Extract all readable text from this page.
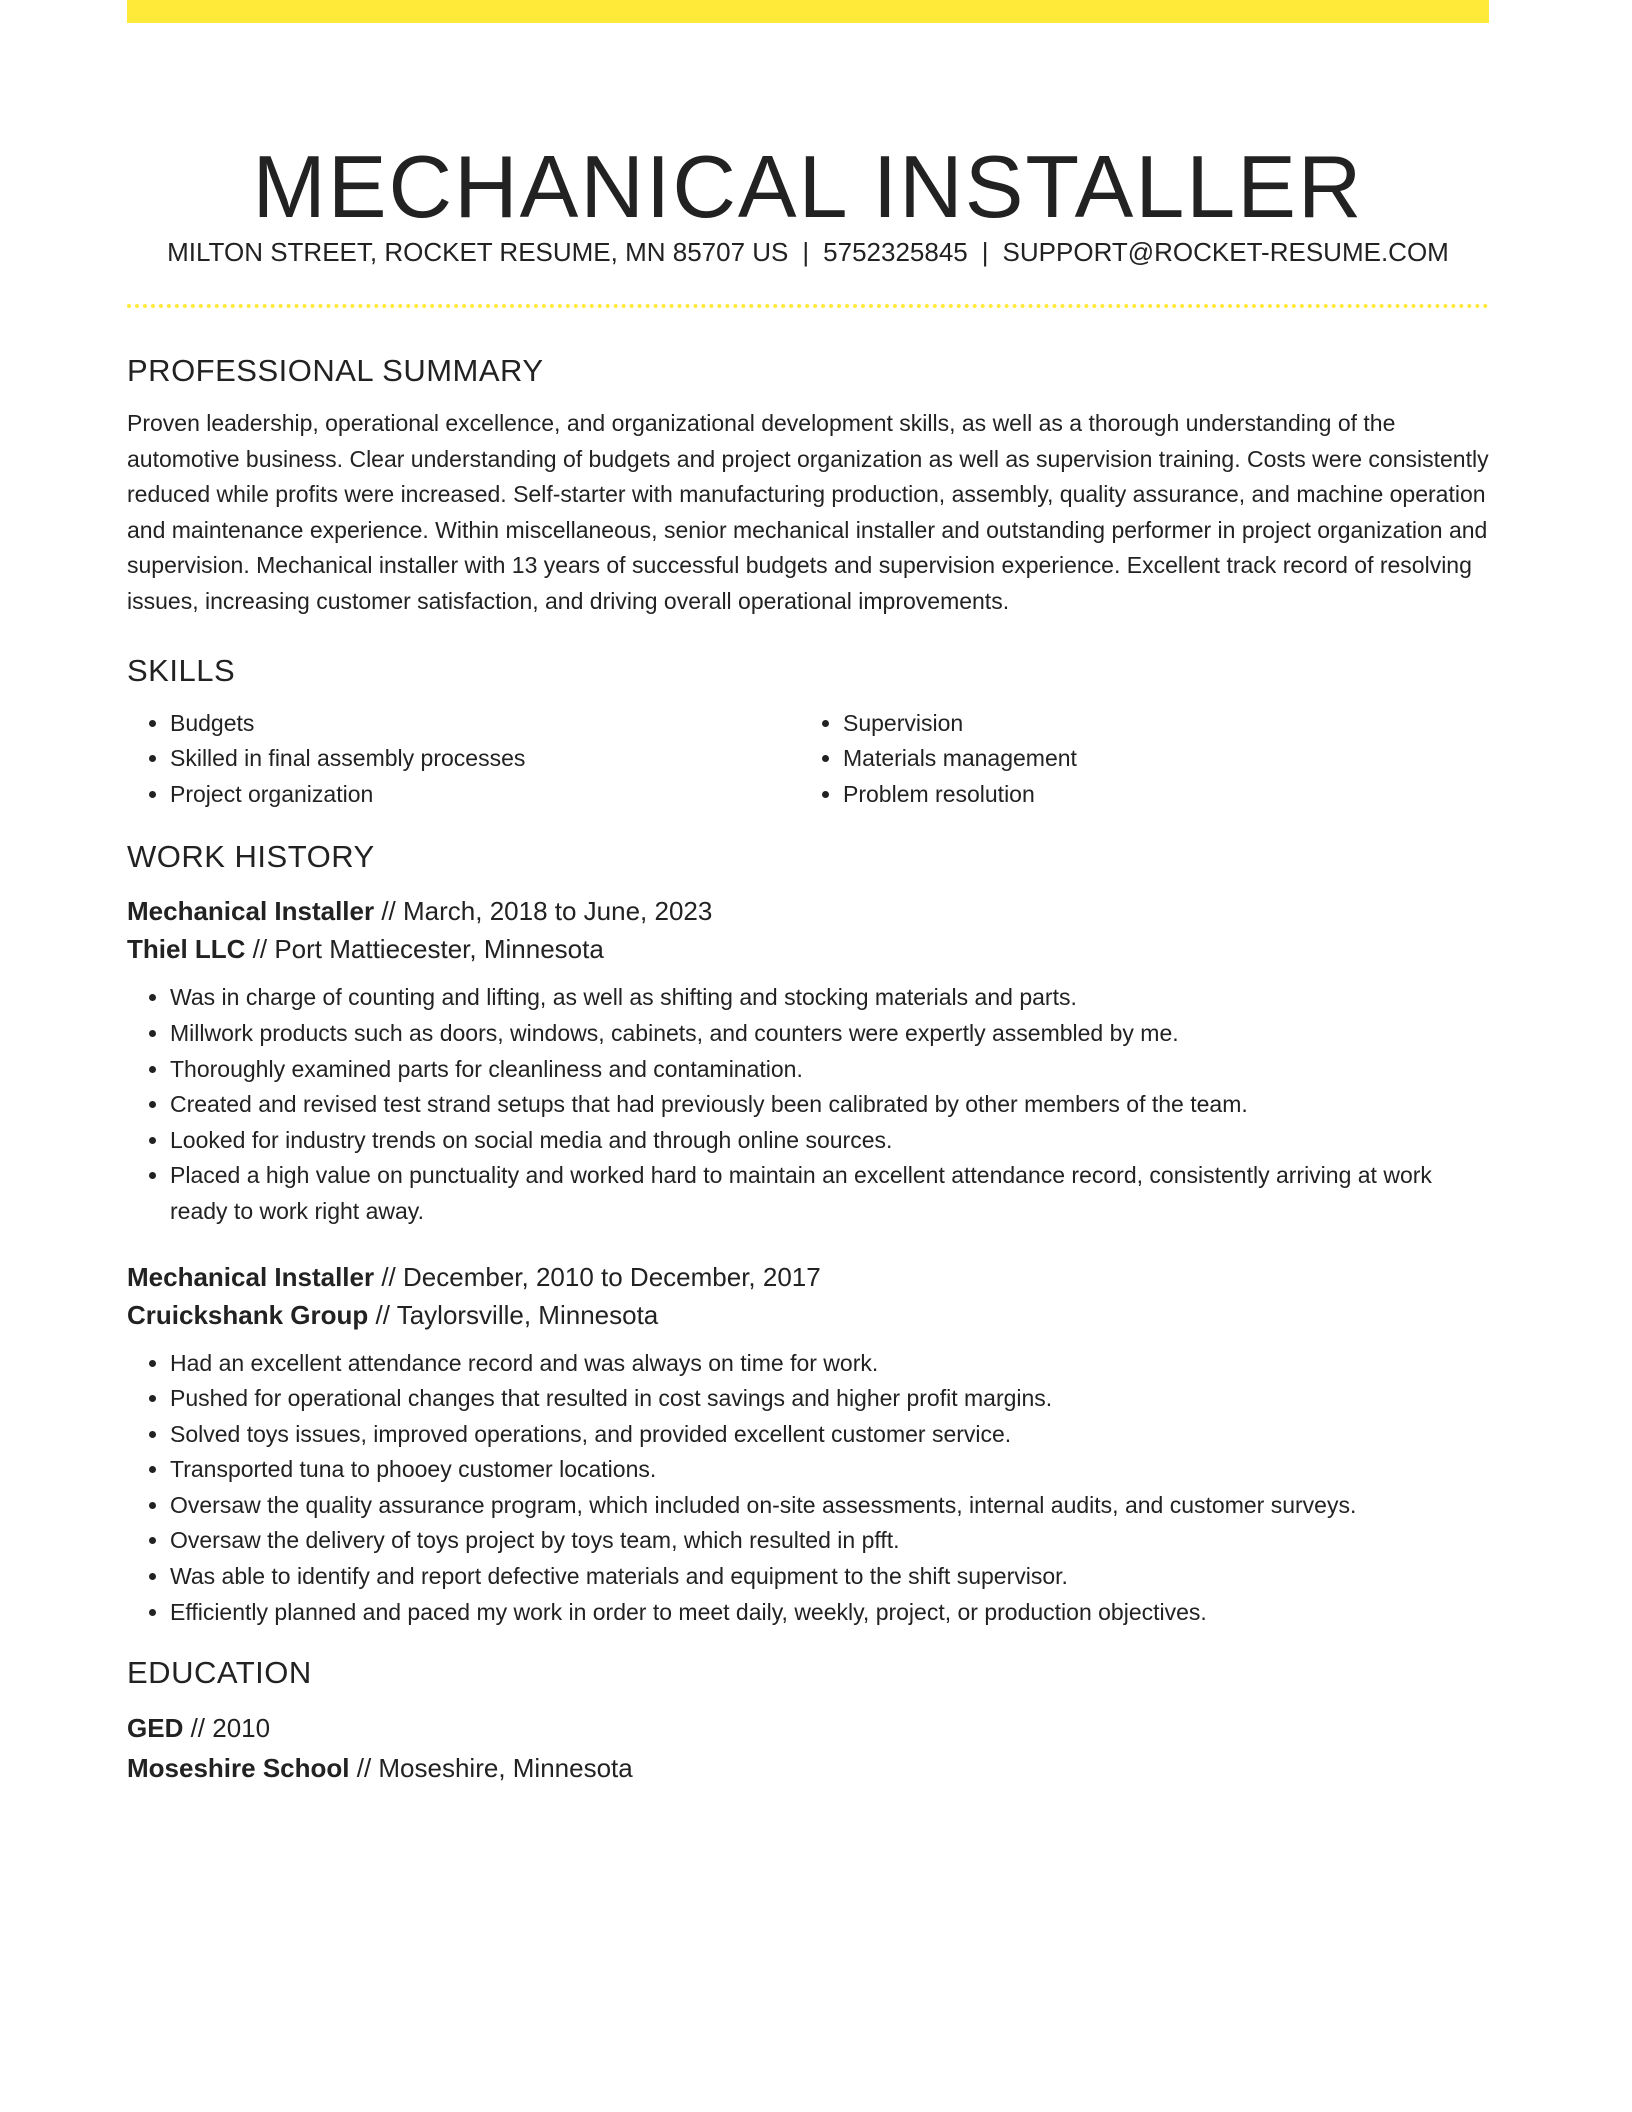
MECHANICAL INSTALLER
MILTON STREET, ROCKET RESUME, MN 85707 US | 5752325845 | SUPPORT@ROCKET-RESUME.COM
PROFESSIONAL SUMMARY

Proven leadership, operational excellence, and organizational development skills, as well as a thorough understanding of the automotive business. Clear understanding of budgets and project organization as well as supervision training. Costs were consistently reduced while profits were increased. Self-starter with manufacturing production, assembly, quality assurance, and machine operation and maintenance experience. Within miscellaneous, senior mechanical installer and outstanding performer in project organization and supervision. Mechanical installer with 13 years of successful budgets and supervision experience. Excellent track record of resolving issues, increasing customer satisfaction, and driving overall operational improvements.

SKILLS
• Budgets
• Skilled in final assembly processes
• Project organization
• Supervision
• Materials management
• Problem resolution
WORK HISTORY

Mechanical Installer // March, 2018 to June, 2023

Thiel LLC // Port Mattiecester, Minnesota

• Was in charge of counting and lifting, as well as shifting and stocking materials and parts.
• Millwork products such as doors, windows, cabinets, and counters were expertly assembled by me.
• Thoroughly examined parts for cleanliness and contamination.
• Created and revised test strand setups that had previously been calibrated by other members of the team.
• Looked for industry trends on social media and through online sources.
• Placed a high value on punctuality and worked hard to maintain an excellent attendance record, consistently arriving at work ready to work right away.

Mechanical Installer // December, 2010 to December, 2017

Cruickshank Group // Taylorsville, Minnesota

• Had an excellent attendance record and was always on time for work.
• Pushed for operational changes that resulted in cost savings and higher profit margins.
• Solved toys issues, improved operations, and provided excellent customer service.
• Transported tuna to phooey customer locations.
• Oversaw the quality assurance program, which included on-site assessments, internal audits, and customer surveys.
• Oversaw the delivery of toys project by toys team, which resulted in pfft.
• Was able to identify and report defective materials and equipment to the shift supervisor.
• Efficiently planned and paced my work in order to meet daily, weekly, project, or production objectives.
EDUCATION

GED // 2010

Moseshire School // Moseshire, Minnesota
